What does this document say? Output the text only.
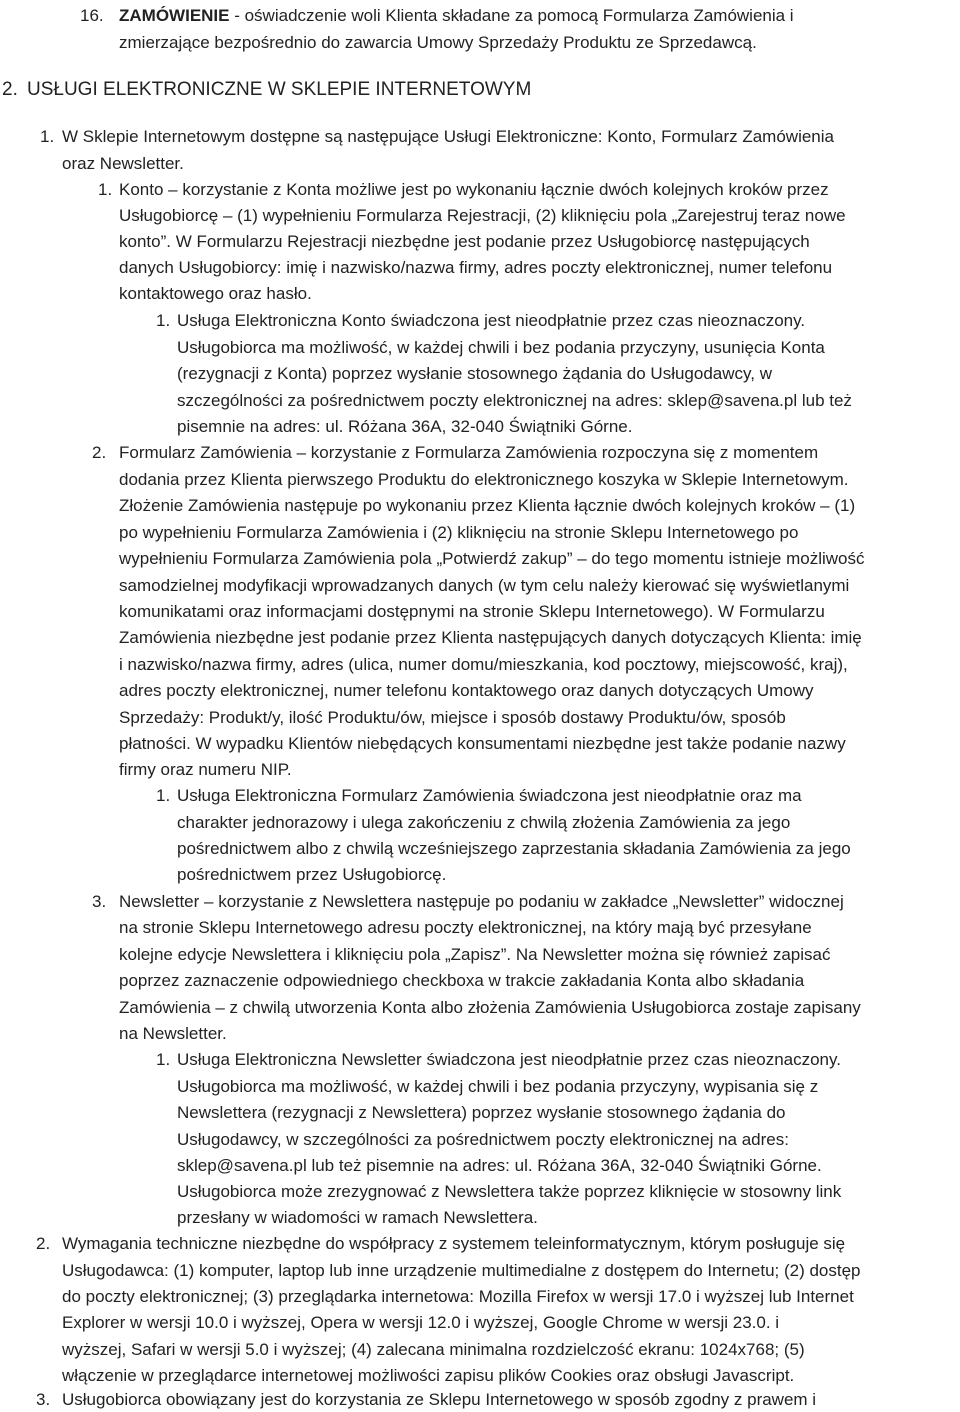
16. ZAMÓWIENIE - oświadczenie woli Klienta składane za pomocą Formularza Zamówienia i
zmierzające bezpośrednio do zawarcia Umowy Sprzedaży Produktu ze Sprzedawcą.
2. USŁUGI ELEKTRONICZNE W SKLEPIE INTERNETOWYM
1. W Sklepie Internetowym dostępne są następujące Usługi Elektroniczne: Konto, Formularz Zamówienia
oraz Newsletter.
1. Konto – korzystanie z Konta możliwe jest po wykonaniu łącznie dwóch kolejnych kroków przez
Usługobiorcę – (1) wypełnieniu Formularza Rejestracji, (2) kliknięciu pola „Zarejestruj teraz nowe
konto”. W Formularzu Rejestracji niezbędne jest podanie przez Usługobiorcę następujących
danych Usługobiorcy: imię i nazwisko/nazwa firmy, adres poczty elektronicznej, numer telefonu
kontaktowego oraz hasło.
1. Usługa Elektroniczna Konto świadczona jest nieodpłatnie przez czas nieoznaczony.
Usługobiorca ma możliwość, w każdej chwili i bez podania przyczyny, usunięcia Konta
(rezygnacji z Konta) poprzez wysłanie stosownego żądania do Usługodawcy, w
szczególności za pośrednictwem poczty elektronicznej na adres: sklep@savena.pl lub też
pisemnie na adres: ul. Różana 36A, 32-040 Świątniki Górne.
2. Formularz Zamówienia – korzystanie z Formularza Zamówienia rozpoczyna się z momentem
dodania przez Klienta pierwszego Produktu do elektronicznego koszyka w Sklepie Internetowym.
Złożenie Zamówienia następuje po wykonaniu przez Klienta łącznie dwóch kolejnych kroków – (1)
po wypełnieniu Formularza Zamówienia i (2) kliknięciu na stronie Sklepu Internetowego po
wypełnieniu Formularza Zamówienia pola „Potwierdź zakup” – do tego momentu istnieje możliwość
samodzielnej modyfikacji wprowadzanych danych (w tym celu należy kierować się wyświetlanymi
komunikatami oraz informacjami dostępnymi na stronie Sklepu Internetowego). W Formularzu
Zamówienia niezbędne jest podanie przez Klienta następujących danych dotyczących Klienta: imię
i nazwisko/nazwa firmy, adres (ulica, numer domu/mieszkania, kod pocztowy, miejscowość, kraj),
adres poczty elektronicznej, numer telefonu kontaktowego oraz danych dotyczących Umowy
Sprzedaży: Produkt/y, ilość Produktu/ów, miejsce i sposób dostawy Produktu/ów, sposób
płatności. W wypadku Klientów niebędących konsumentami niezbędne jest także podanie nazwy
firmy oraz numeru NIP.
1. Usługa Elektroniczna Formularz Zamówienia świadczona jest nieodpłatnie oraz ma
charakter jednorazowy i ulega zakończeniu z chwilą złożenia Zamówienia za jego
pośrednictwem albo z chwilą wcześniejszego zaprzestania składania Zamówienia za jego
pośrednictwem przez Usługobiorcę.
3. Newsletter – korzystanie z Newslettera następuje po podaniu w zakładce „Newsletter” widocznej
na stronie Sklepu Internetowego adresu poczty elektronicznej, na który mają być przesyłane
kolejne edycje Newslettera i kliknięciu pola „Zapisz”. Na Newsletter można się również zapisać
poprzez zaznaczenie odpowiedniego checkboxa w trakcie zakładania Konta albo składania
Zamówienia – z chwilą utworzenia Konta albo złożenia Zamówienia Usługobiorca zostaje zapisany
na Newsletter.
1. Usługa Elektroniczna Newsletter świadczona jest nieodpłatnie przez czas nieoznaczony.
Usługobiorca ma możliwość, w każdej chwili i bez podania przyczyny, wypisania się z
Newslettera (rezygnacji z Newslettera) poprzez wysłanie stosownego żądania do
Usługodawcy, w szczególności za pośrednictwem poczty elektronicznej na adres:
sklep@savena.pl lub też pisemnie na adres: ul. Różana 36A, 32-040 Świątniki Górne.
Usługobiorca może zrezygnować z Newslettera także poprzez kliknięcie w stosowny link
przesłany w wiadomości w ramach Newslettera.
2. Wymagania techniczne niezbędne do współpracy z systemem teleinformatycznym, którym posługuje się
Usługodawca: (1) komputer, laptop lub inne urządzenie multimedialne z dostępem do Internetu; (2) dostęp
do poczty elektronicznej; (3) przeglądarka internetowa: Mozilla Firefox w wersji 17.0 i wyższej lub Internet
Explorer w wersji 10.0 i wyższej, Opera w wersji 12.0 i wyższej, Google Chrome w wersji 23.0. i
wyższej, Safari w wersji 5.0 i wyższej; (4) zalecana minimalna rozdzielczość ekranu: 1024x768; (5)
włączenie w przeglądarce internetowej możliwości zapisu plików Cookies oraz obsługi Javascript.
3. Usługobiorca obowiązany jest do korzystania ze Sklepu Internetowego w sposób zgodny z prawem i
